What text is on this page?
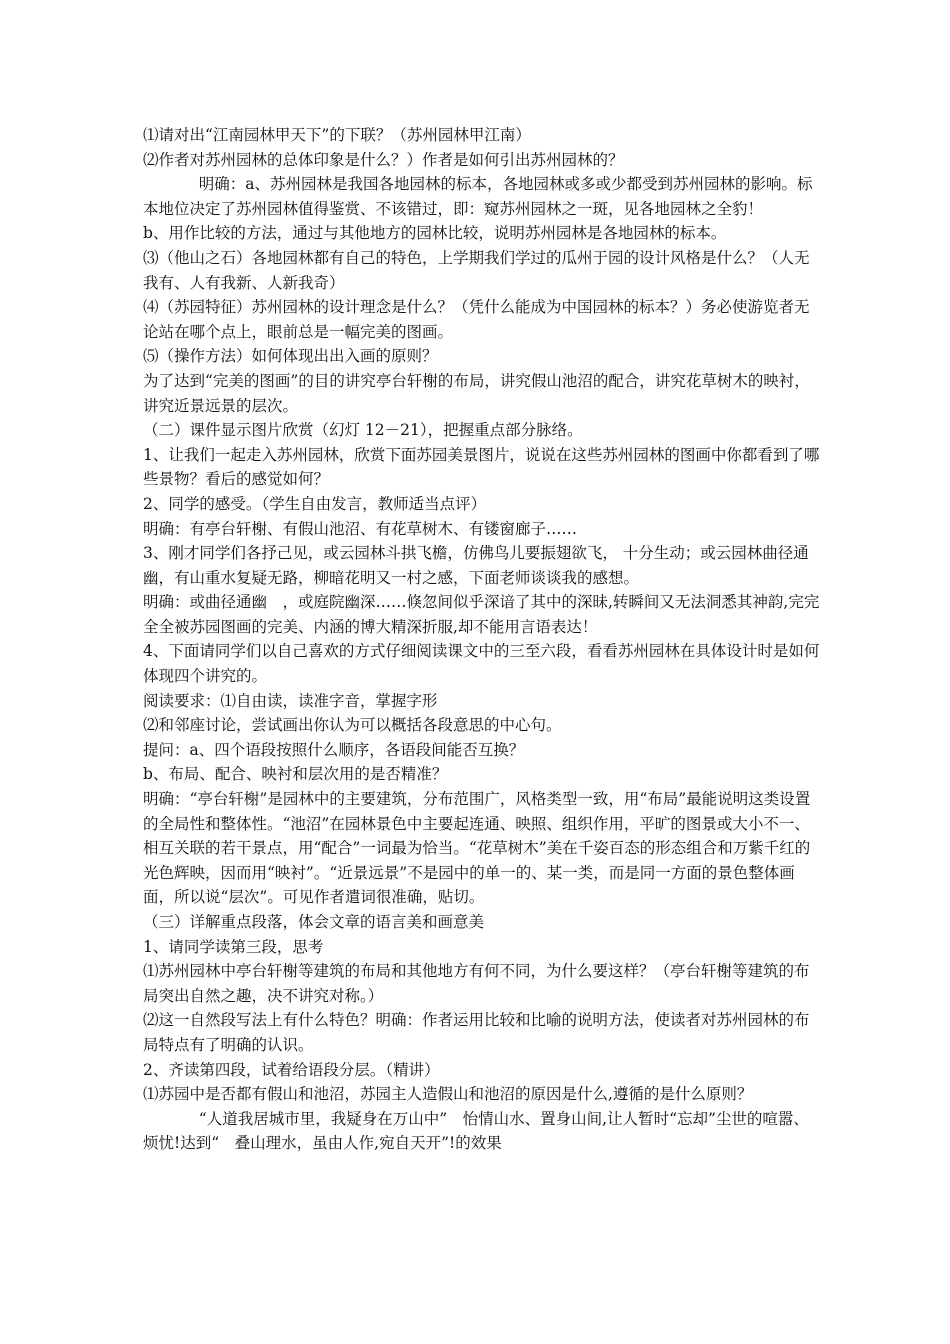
⑴请对出“江南园林甲天下”的下联？（苏州园林甲江南）

⑵作者对苏州园林的总体印象是什么？）作者是如何引出苏州园林的？

明确：a、苏州园林是我国各地园林的标本，各地园林或多或少都受到苏州园林的影响。标本地位决定了苏州园林值得鉴赏、不该错过，即：窥苏州园林之一斑，见各地园林之全豹！

b、用作比较的方法，通过与其他地方的园林比较，说明苏州园林是各地园林的标本。

⑶（他山之石）各地园林都有自己的特色，上学期我们学过的瓜州于园的设计风格是什么？（人无我有、人有我新、人新我奇）

⑷（苏园特征）苏州园林的设计理念是什么？（凭什么能成为中国园林的标本？）务必使游览者无论站在哪个点上，眼前总是一幅完美的图画。

⑸（操作方法）如何体现出出入画的原则？

为了达到“完美的图画”的目的讲究亭台轩榭的布局，讲究假山池沼的配合，讲究花草树木的映衬，讲究近景远景的层次。

（二）课件显示图片欣赏（幻灯 12－21），把握重点部分脉络。

1、让我们一起走入苏州园林，欣赏下面苏园美景图片，说说在这些苏州园林的图画中你都看到了哪些景物？看后的感觉如何？

2、同学的感受。（学生自由发言，教师适当点评）

明确：有亭台轩榭、有假山池沼、有花草树木、有镂窗廊子……

3、刚才同学们各抒己见，或云园林斗拱飞檐，仿佛鸟儿要振翅欲飞， 十分生动；或云园林曲径通幽，有山重水复疑无路，柳暗花明又一村之感，下面老师谈谈我的感想。

明确：或曲径通幽　，或庭院幽深……倏忽间似乎深谙了其中的深昧,转瞬间又无法洞悉其神韵,完完全全被苏园图画的完美、内涵的博大精深折服,却不能用言语表达！

4、下面请同学们以自己喜欢的方式仔细阅读课文中的三至六段，看看苏州园林在具体设计时是如何体现四个讲究的。

阅读要求：⑴自由读，读准字音，掌握字形

⑵和邻座讨论，尝试画出你认为可以概括各段意思的中心句。

提问：a、四个语段按照什么顺序，各语段间能否互换？

b、布局、配合、映衬和层次用的是否精准？

明确：“亭台轩榭”是园林中的主要建筑，分布范围广，风格类型一致，用“布局”最能说明这类设置的全局性和整体性。“池沼”在园林景色中主要起连通、映照、组织作用，平旷的图景或大小不一、相互关联的若干景点，用“配合”一词最为恰当。“花草树木”美在千姿百态的形态组合和万紫千红的光色辉映，因而用“映衬”。“近景远景”不是园中的单一的、某一类，而是同一方面的景色整体画面，所以说“层次”。可见作者遣词很准确，贴切。

（三）详解重点段落，体会文章的语言美和画意美

1、请同学读第三段，思考

⑴苏州园林中亭台轩榭等建筑的布局和其他地方有何不同，为什么要这样？（亭台轩榭等建筑的布局突出自然之趣，决不讲究对称。）

⑵这一自然段写法上有什么特色？明确：作者运用比较和比喻的说明方法，使读者对苏州园林的布局特点有了明确的认识。

2、齐读第四段，试着给语段分层。（精讲）

⑴苏园中是否都有假山和池沼，苏园主人造假山和池沼的原因是什么,遵循的是什么原则？

“人道我居城市里，我疑身在万山中”　怡情山水、置身山间,让人暂时“忘却”尘世的喧嚣、烦忧!达到“　叠山理水，虽由人作,宛自天开”!的效果
